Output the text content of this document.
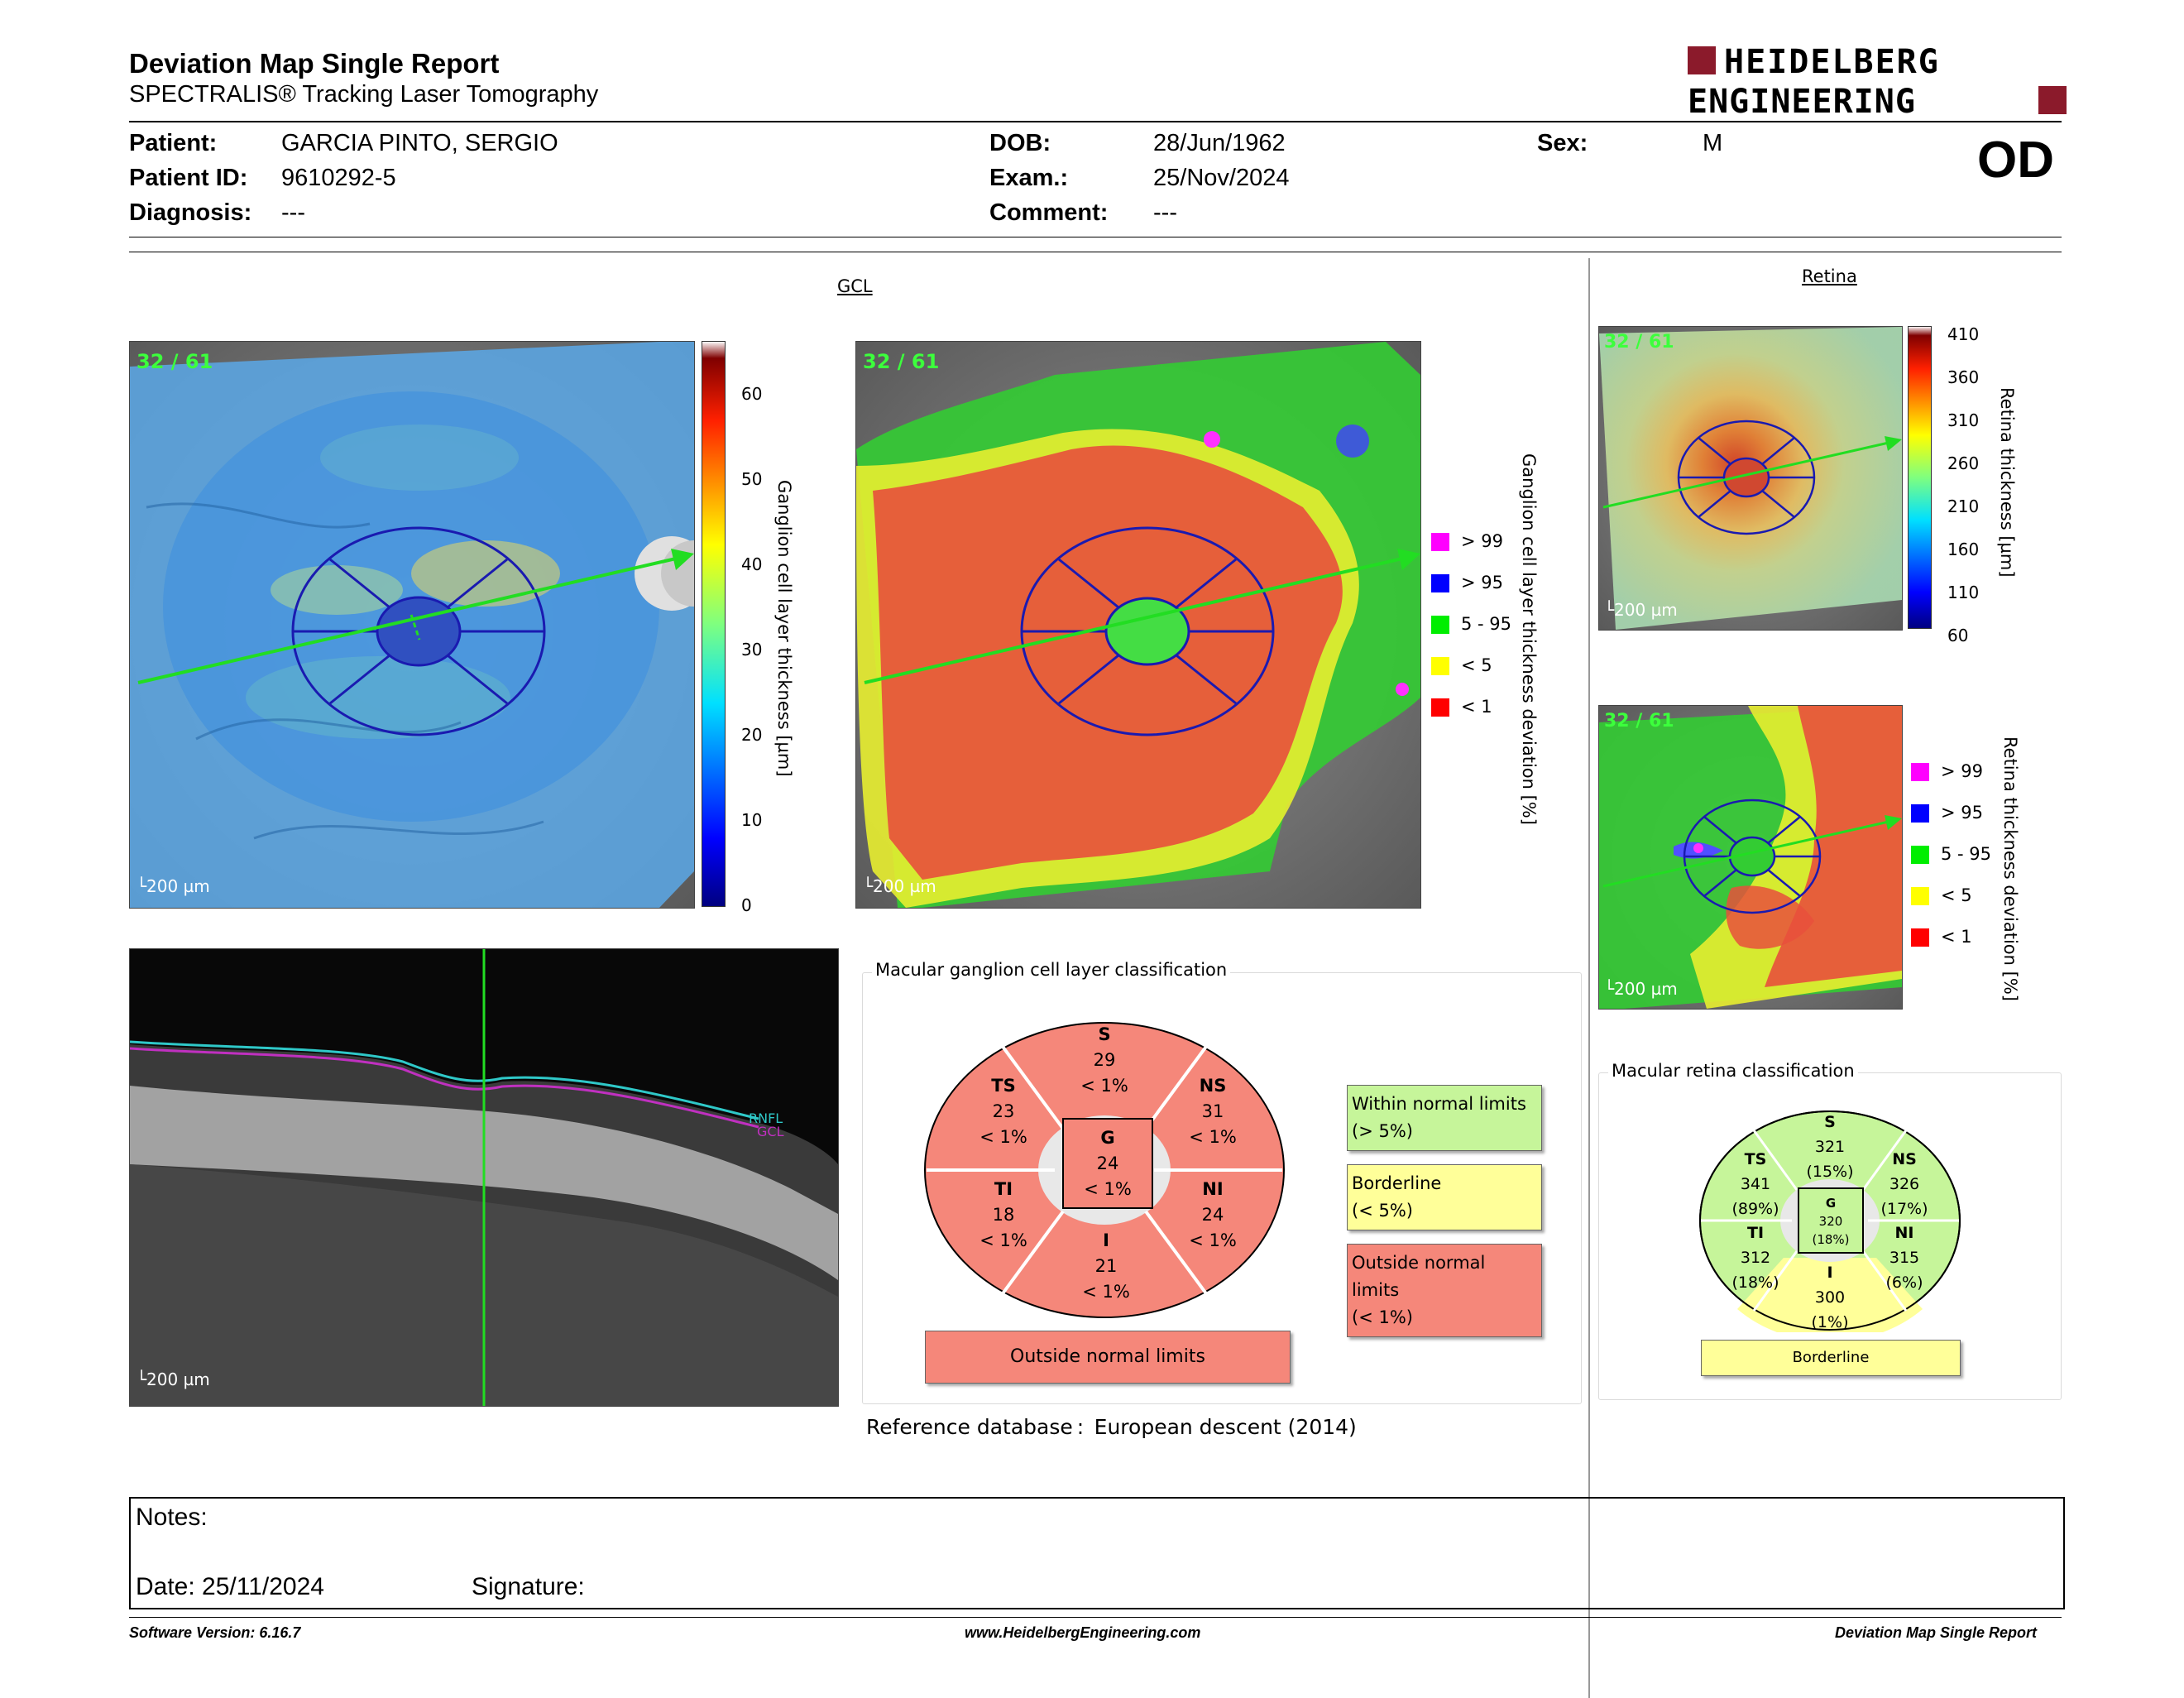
Deviation Map Single Report
SPECTRALIS® Tracking Laser Tomography
HEIDELBERG
ENGINEERING
Patient:	GARCIA PINTO, SERGIO
Patient ID: 9610292-5
Diagnosis: ---
DOB:	28/Jun/1962
Exam.:	25/Nov/2024
Comment: ---
Sex:	M	OD
GCL
32 / 61
└200 µm
60
50
40
30
20
10
0
Ganglion cell layer thickness [µm]
32 / 61
└200 µm
Ganglion cell layer thickness deviation [%]
> 99
> 95
5 - 95
< 5
< 1
RNFL
GCL
└200 µm
Macular ganglion cell layer classification
S
29
< 1%
TS
23
< 1%
NS
31
< 1%
G
24
< 1%
TI
18
< 1%
NI
24
< 1%
I
21
< 1%
Outside normal limits
Within normal limits
(> 5%)
Borderline
(< 5%)
Outside normal limits
(< 1%)
Reference database : European descent (2014)
Retina
32 / 61
└200 µm
410
360
310
260
210
160
110
60
Retina thickness [µm]
32 / 61
└200 µm
> 99
> 95
5 - 95
< 5
< 1 Retina thickness deviation [%]
Macular retina classification
S
321
(15%)
TS
341
(89%)
NS
326
(17%)
G
320
(18%)
TI
312
(18%)
NI
315
(6%)
I
300
(1%)
Borderline
Notes:
Date: 25/11/2024	Signature:
Software Version: 6.16.7	www.HeidelbergEngineering.com	Deviation Map Single Report
